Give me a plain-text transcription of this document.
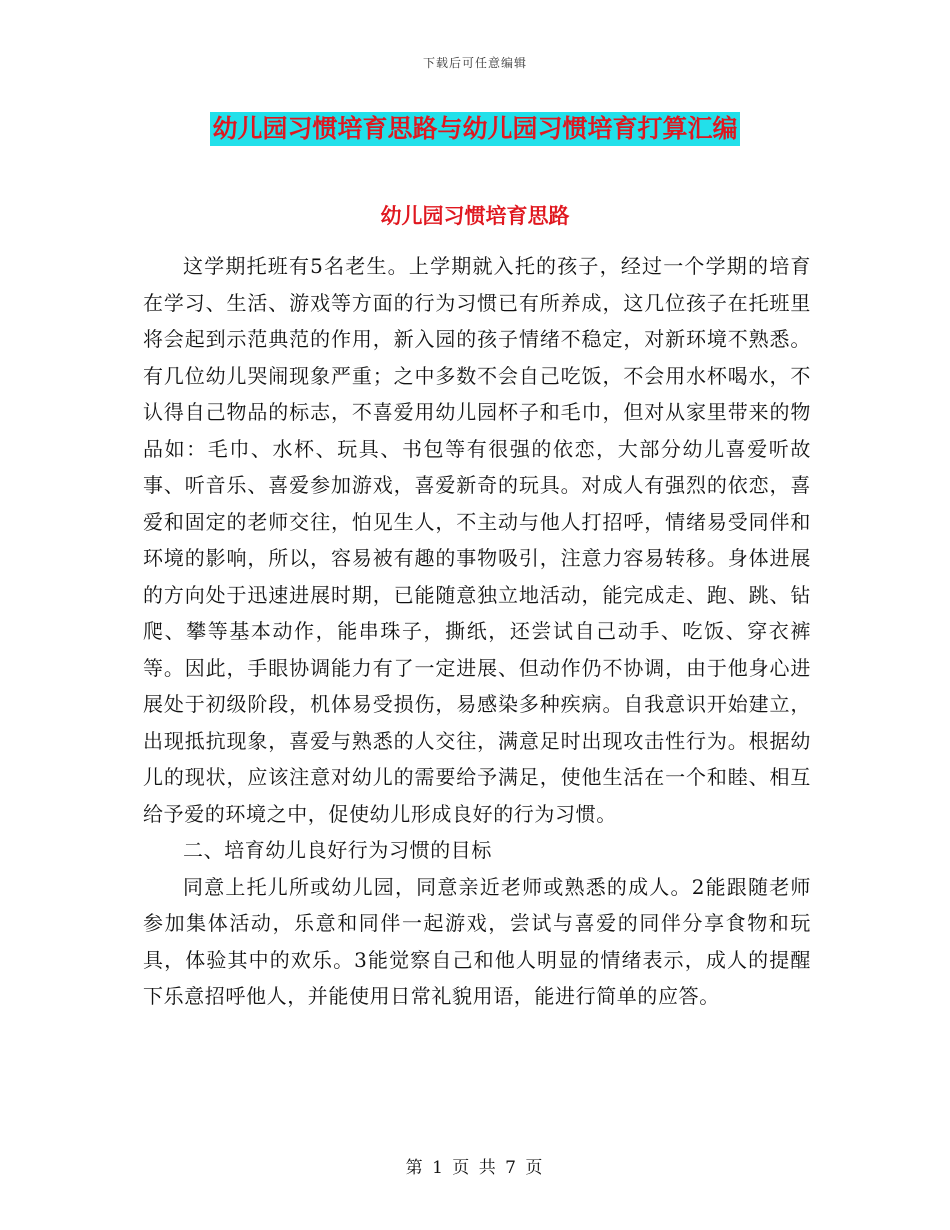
下载后可任意编辑
幼儿园习惯培育思路与幼儿园习惯培育打算汇编
幼儿园习惯培育思路

这学期托班有5名老生。上学期就入托的孩子，经过一个学期的培育在学习、生活、游戏等方面的行为习惯已有所养成，这几位孩子在托班里将会起到示范典范的作用，新入园的孩子情绪不稳定，对新环境不熟悉。有几位幼儿哭闹现象严重；之中多数不会自己吃饭，不会用水杯喝水，不认得自己物品的标志，不喜爱用幼儿园杯子和毛巾，但对从家里带来的物品如：毛巾、水杯、玩具、书包等有很强的依恋，大部分幼儿喜爱听故事、听音乐、喜爱参加游戏，喜爱新奇的玩具。对成人有强烈的依恋，喜爱和固定的老师交往，怕见生人，不主动与他人打招呼，情绪易受同伴和环境的影响，所以，容易被有趣的事物吸引，注意力容易转移。身体进展的方向处于迅速进展时期，已能随意独立地活动，能完成走、跑、跳、钻爬、攀等基本动作，能串珠子，撕纸，还尝试自己动手、吃饭、穿衣裤等。因此，手眼协调能力有了一定进展、但动作仍不协调，由于他身心进展处于初级阶段，机体易受损伤，易感染多种疾病。自我意识开始建立，出现抵抗现象，喜爱与熟悉的人交往，满意足时出现攻击性行为。根据幼儿的现状，应该注意对幼儿的需要给予满足，使他生活在一个和睦、相互给予爱的环境之中，促使幼儿形成良好的行为习惯。

二、培育幼儿良好行为习惯的目标

同意上托儿所或幼儿园，同意亲近老师或熟悉的成人。2能跟随老师参加集体活动，乐意和同伴一起游戏，尝试与喜爱的同伴分享食物和玩具，体验其中的欢乐。3能觉察自己和他人明显的情绪表示，成人的提醒下乐意招呼他人，并能使用日常礼貌用语，能进行简单的应答。

第 1 页 共 7 页
